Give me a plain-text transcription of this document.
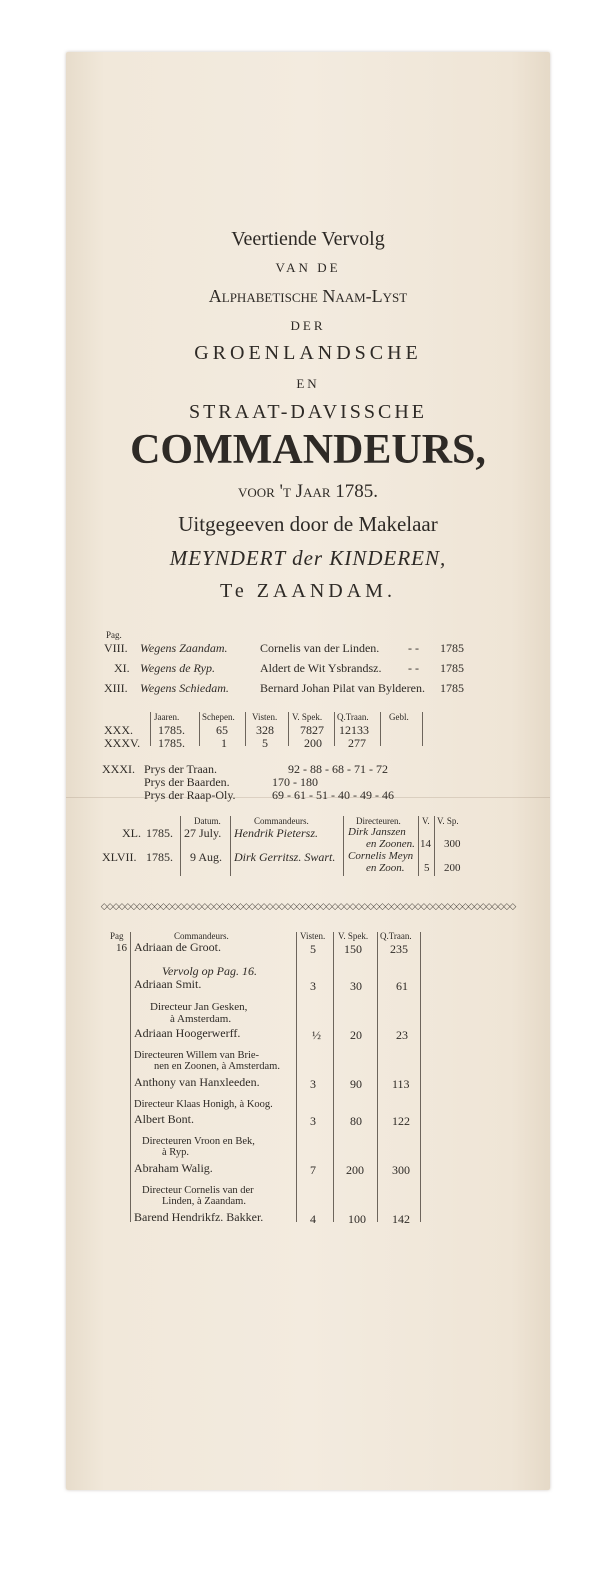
Veertiende Vervolg
VAN DE
Alphabetische Naam-Lyst
DER
GROENLANDSCHE
EN
STRAAT-DAVISSCHE
COMMANDEURS,
voor 't Jaar 1785.
Uitgegeeven door de Makelaar
MEYNDERT der KINDEREN,
Te ZAANDAM.
Pag.
VIII. Wegens Zaandam.	Cornelis van der Linden. - - 1785
XI. Wegens de Ryp.	Aldert de Wit Ysbrandsz. - - 1785
XIII. Wegens Schiedam.	Bernard Johan Pilat van Bylderen. 1785
Jaaren.	Schepen. Visten. V. Spek. Q.Traan. Gebl.
XXX. 1785.	65 328 7827 12133
XXXV. 1785.	1	5	200 277
XXXI. Prys der Traan.	92 - 88 - 68 - 71 - 72
Prys der Baarden.	170 - 180
Prys der Raap-Oly.	69 - 61 - 51 - 40 - 49 - 46
Datum.	Commandeurs.	Directeuren. V. V. Sp.
XL. 1785. 27 July. Hendrik Pietersz.	Dirk Janszen
en Zoonen. 14 300
XLVII. 1785. 9 Aug. Dirk Gerritsz. Swart. Cornelis Meyn
en Zoon. 5 200
◇◇◇◇◇◇◇◇◇◇◇◇◇◇◇◇◇◇◇◇◇◇◇◇◇◇◇◇◇◇◇◇◇◇◇◇◇◇◇◇◇◇◇◇◇◇◇◇◇◇◇◇◇◇◇◇◇◇◇◇◇◇◇◇◇◇◇◇◇◇
Pag
16
Commandeurs.	Visten. V. Spek. Q.Traan.
Adriaan de Groot.	5 150 235
Vervolg op Pag. 16.
Adriaan Smit.	3	30	61
Directeur Jan Gesken,
à Amsterdam.
Adriaan Hoogerwerff.	½ 20	23
Directeuren Willem van Brie-
nen en Zoonen, à Amsterdam.
Anthony van Hanxleeden.	3	90	113
Directeur Klaas Honigh, à Koog.
Albert Bont.	3	80	122
Directeuren Vroon en Bek,
à Ryp.
Abraham Walig.	7	200 300
Directeur Cornelis van der
Linden, à Zaandam.
Barend Hendrikfz. Bakker.	4	100 142
